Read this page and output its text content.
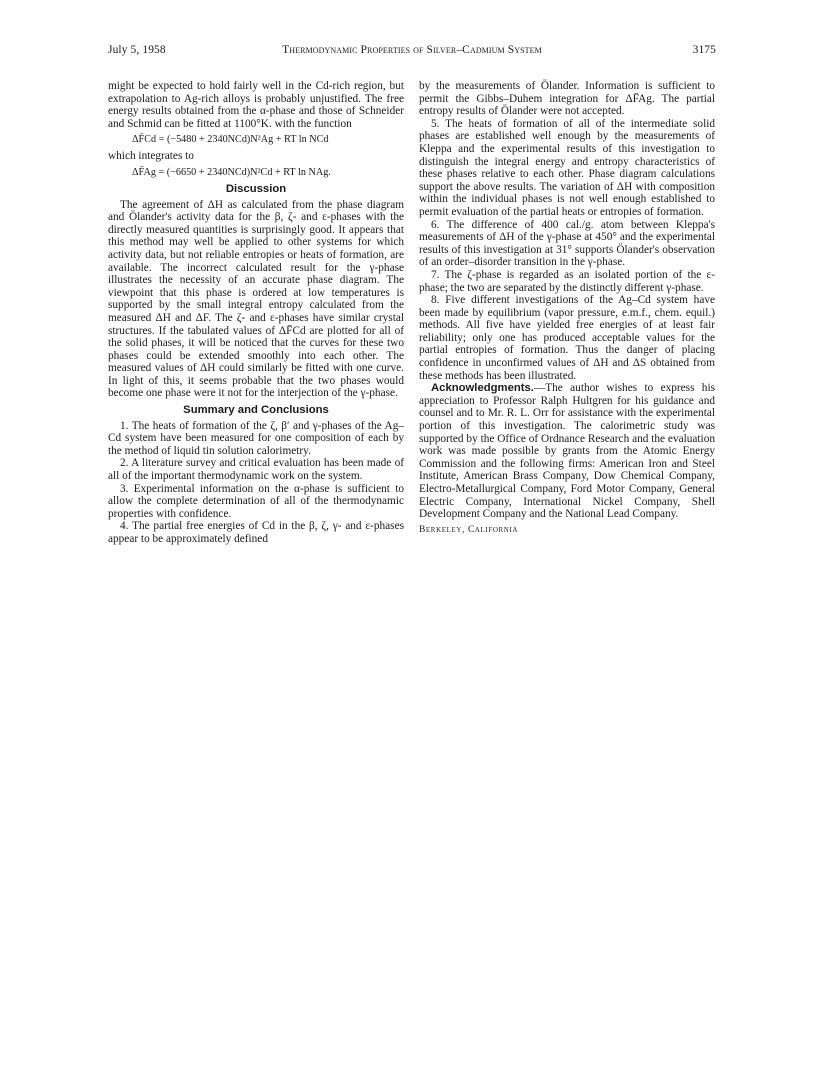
July 5, 1958	Thermodynamic Properties of Silver–Cadmium System	3175

might be expected to hold fairly well in the Cd-rich region, but extrapolation to Ag-rich alloys is probably unjustified. The free energy results obtained from the α-phase and those of Schneider and Schmid can be fitted at 1100°K. with the function

ΔF̄Cd = (−5480 + 2340NCd)N²Ag + RT ln NCd

which integrates to

ΔF̄Ag = (−6650 + 2340NCd)N²Cd + RT ln NAg.
Discussion

The agreement of ΔH as calculated from the phase diagram and Ölander's activity data for the β, ζ- and ε-phases with the directly measured quantities is surprisingly good. It appears that this method may well be applied to other systems for which activity data, but not reliable entropies or heats of formation, are available. The incorrect calculated result for the γ-phase illustrates the necessity of an accurate phase diagram. The viewpoint that this phase is ordered at low temperatures is supported by the small integral entropy calculated from the measured ΔH and ΔF. The ζ- and ε-phases have similar crystal structures. If the tabulated values of ΔF̄Cd are plotted for all of the solid phases, it will be noticed that the curves for these two phases could be extended smoothly into each other. The measured values of ΔH could similarly be fitted with one curve. In light of this, it seems probable that the two phases would become one phase were it not for the interjection of the γ-phase.

Summary and Conclusions

1. The heats of formation of the ζ, β′ and γ-phases of the Ag–Cd system have been measured for one composition of each by the method of liquid tin solution calorimetry.

2. A literature survey and critical evaluation has been made of all of the important thermodynamic work on the system.

3. Experimental information on the α-phase is sufficient to allow the complete determination of all of the thermodynamic properties with confidence.

4. The partial free energies of Cd in the β, ζ, γ- and ε-phases appear to be approximately defined

by the measurements of Ölander. Information is sufficient to permit the Gibbs–Duhem integration for ΔF̄Ag. The partial entropy results of Ölander were not accepted.

5. The heats of formation of all of the intermediate solid phases are established well enough by the measurements of Kleppa and the experimental results of this investigation to distinguish the integral energy and entropy characteristics of these phases relative to each other. Phase diagram calculations support the above results. The variation of ΔH with composition within the individual phases is not well enough established to permit evaluation of the partial heats or entropies of formation.

6. The difference of 400 cal./g. atom between Kleppa's measurements of ΔH of the γ-phase at 450° and the experimental results of this investigation at 31° supports Ölander's observation of an order–disorder transition in the γ-phase.

7. The ζ-phase is regarded as an isolated portion of the ε-phase; the two are separated by the distinctly different γ-phase.

8. Five different investigations of the Ag–Cd system have been made by equilibrium (vapor pressure, e.m.f., chem. equil.) methods. All five have yielded free energies of at least fair reliability; only one has produced acceptable values for the partial entropies of formation. Thus the danger of placing confidence in unconfirmed values of ΔH and ΔS obtained from these methods has been illustrated.

Acknowledgments.—The author wishes to express his appreciation to Professor Ralph Hultgren for his guidance and counsel and to Mr. R. L. Orr for assistance with the experimental portion of this investigation. The calorimetric study was supported by the Office of Ordnance Research and the evaluation work was made possible by grants from the Atomic Energy Commission and the following firms: American Iron and Steel Institute, American Brass Company, Dow Chemical Company, Electro-Metallurgical Company, Ford Motor Company, General Electric Company, International Nickel Company, Shell Development Company and the National Lead Company.

Berkeley, California
